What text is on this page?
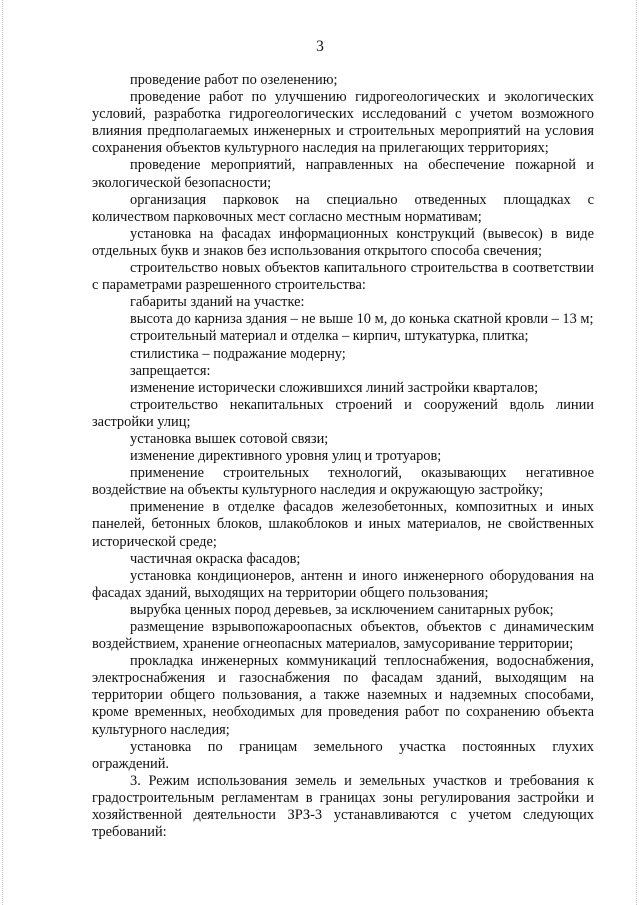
3

проведение работ по озеленению;

проведение работ по улучшению гидрогеологических и экологических условий, разработка гидрогеологических исследований с учетом возможного влияния предполагаемых инженерных и строительных мероприятий на условия сохранения объектов культурного наследия на прилегающих территориях;

проведение мероприятий, направленных на обеспечение пожарной и экологической безопасности;

организация парковок на специально отведенных площадках с количеством парковочных мест согласно местным нормативам;

установка на фасадах информационных конструкций (вывесок) в виде отдельных букв и знаков без использования открытого способа свечения;

строительство новых объектов капитального строительства в соответствии с параметрами разрешенного строительства:

габариты зданий на участке:

высота до карниза здания – не выше 10 м, до конька скатной кровли – 13 м;

строительный материал и отделка – кирпич, штукатурка, плитка;

стилистика – подражание модерну;

запрещается:

изменение исторически сложившихся линий застройки кварталов;

строительство некапитальных строений и сооружений вдоль линии застройки улиц;

установка вышек сотовой связи;

изменение директивного уровня улиц и тротуаров;

применение строительных технологий, оказывающих негативное воздействие на объекты культурного наследия и окружающую застройку;

применение в отделке фасадов железобетонных, композитных и иных панелей, бетонных блоков, шлакоблоков и иных материалов, не свойственных исторической среде;

частичная окраска фасадов;

установка кондиционеров, антенн и иного инженерного оборудования на фасадах зданий, выходящих на территории общего пользования;

вырубка ценных пород деревьев, за исключением санитарных рубок;

размещение взрывопожароопасных объектов, объектов с динамическим воздействием, хранение огнеопасных материалов, замусоривание территории;

прокладка инженерных коммуникаций теплоснабжения, водоснабжения, электроснабжения и газоснабжения по фасадам зданий, выходящим на территории общего пользования, а также наземных и надземных способами, кроме временных, необходимых для проведения работ по сохранению объекта культурного наследия;

установка по границам земельного участка постоянных глухих ограждений.

3. Режим использования земель и земельных участков и требования к градостроительным регламентам в границах зоны регулирования застройки и хозяйственной деятельности ЗРЗ-3 устанавливаются с учетом следующих требований:
